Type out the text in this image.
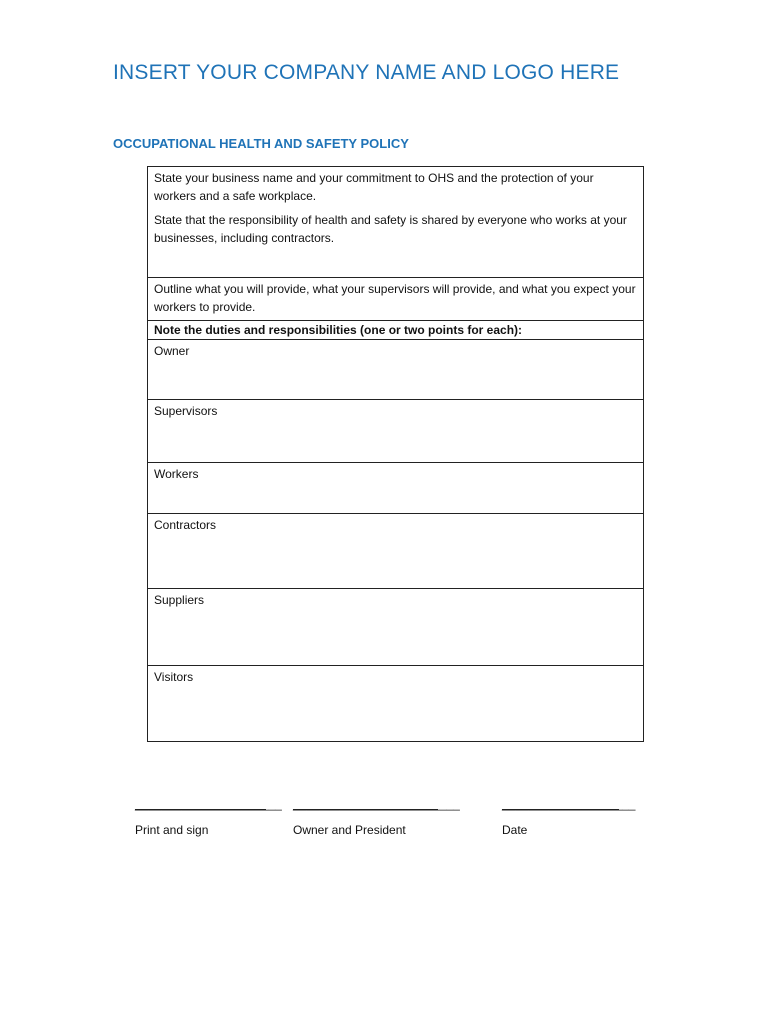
INSERT YOUR COMPANY NAME AND LOGO HERE
OCCUPATIONAL HEALTH AND SAFETY POLICY

State your business name and your commitment to OHS and the protection of your workers and a safe workplace.

State that the responsibility of health and safety is shared by everyone who works at your businesses, including contractors.

Outline what you will provide, what your supervisors will provide, and what you expect your workers to provide.

Note the duties and responsibilities (one or two points for each):
Owner
Supervisors
Workers
Contractors
Suppliers
Visitors
______________________ _________________________	____________________
Print and sign	Owner and President	Date
